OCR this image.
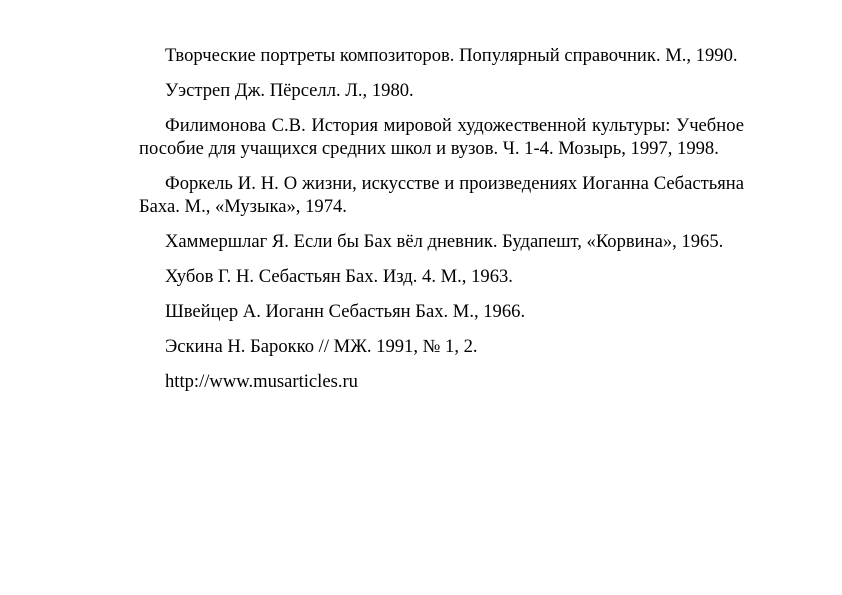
Творческие портреты композиторов. Популярный справочник. М., 1990.

Уэстреп Дж. Пёрселл. Л., 1980.

Филимонова С.В. История мировой художественной культуры: Учебное пособие для учащихся средних школ и вузов. Ч. 1-4. Мозырь, 1997, 1998.

Форкель И. Н. О жизни, искусстве и произведениях Иоганна Себастьяна Баха. М., «Музыка», 1974.

Хаммершлаг Я. Если бы Бах вёл дневник. Будапешт, «Корвина», 1965.

Хубов Г. Н. Себастьян Бах. Изд. 4. М., 1963.

Швейцер А. Иоганн Себастьян Бах. М., 1966.

Эскина Н. Барокко // МЖ. 1991, № 1, 2.

http://www.musarticles.ru
